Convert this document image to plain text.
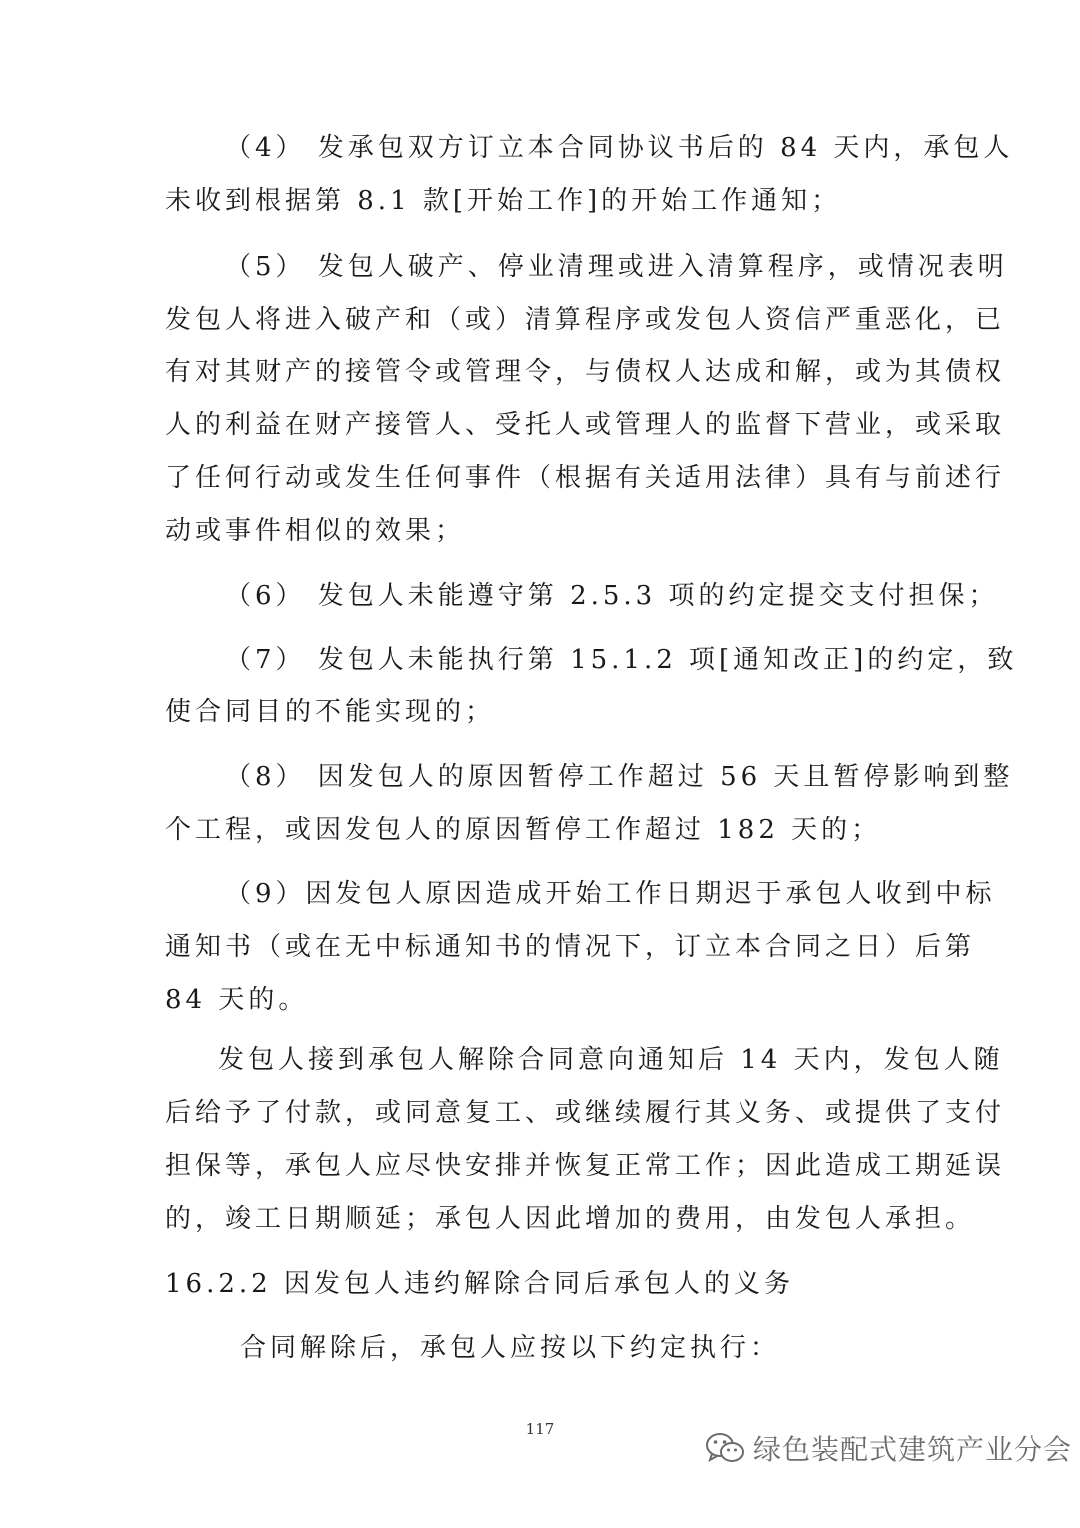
（4） 发承包双方订立本合同协议书后的 84 天内，承包人
未收到根据第 8.1 款[开始工作]的开始工作通知；
（5） 发包人破产、停业清理或进入清算程序，或情况表明
发包人将进入破产和（或）清算程序或发包人资信严重恶化，已
有对其财产的接管令或管理令，与债权人达成和解，或为其债权
人的利益在财产接管人、受托人或管理人的监督下营业，或采取
了任何行动或发生任何事件（根据有关适用法律）具有与前述行
动或事件相似的效果；
（6） 发包人未能遵守第 2.5.3 项的约定提交支付担保；
（7） 发包人未能执行第 15.1.2 项[通知改正]的约定，致
使合同目的不能实现的；
（8） 因发包人的原因暂停工作超过 56 天且暂停影响到整
个工程，或因发包人的原因暂停工作超过 182 天的；
（9）因发包人原因造成开始工作日期迟于承包人收到中标
通知书（或在无中标通知书的情况下，订立本合同之日）后第
84 天的。
发包人接到承包人解除合同意向通知后 14 天内，发包人随
后给予了付款，或同意复工、或继续履行其义务、或提供了支付
担保等，承包人应尽快安排并恢复正常工作；因此造成工期延误
的，竣工日期顺延；承包人因此增加的费用，由发包人承担。
16.2.2 因发包人违约解除合同后承包人的义务
合同解除后，承包人应按以下约定执行：
117
绿色装配式建筑产业分会
